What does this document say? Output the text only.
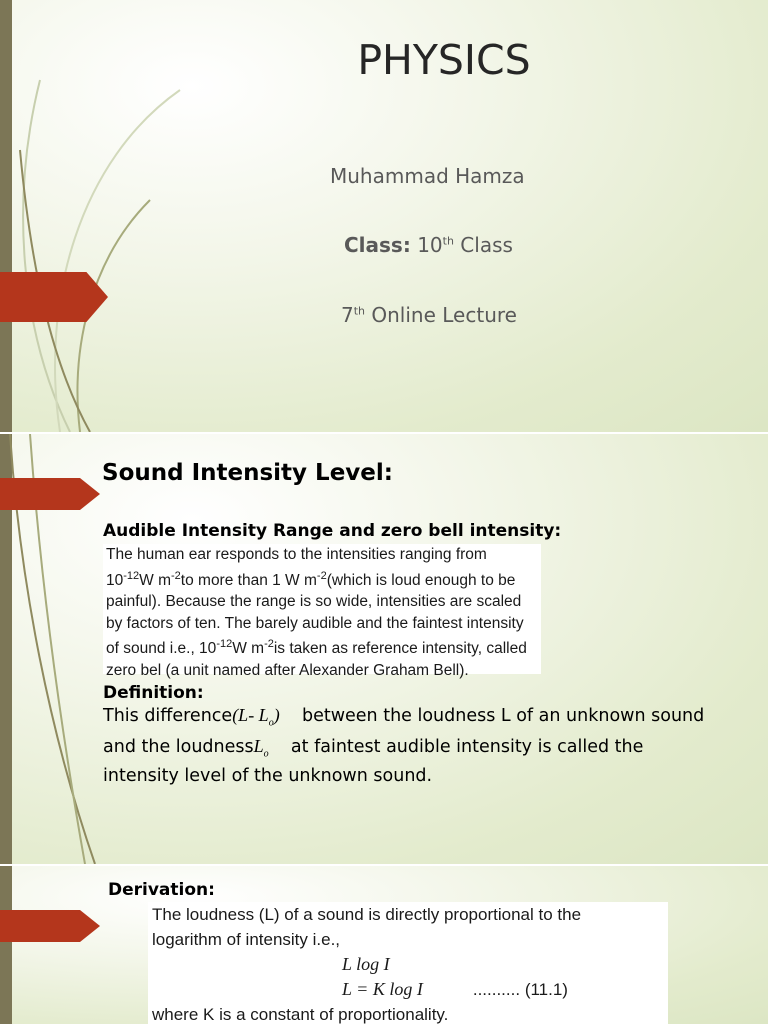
PHYSICS
Muhammad Hamza
Class: 10th Class
7th Online Lecture
Sound Intensity Level:
Audible Intensity Range and zero bell intensity:

The human ear responds to the intensities ranging from

$10^{-12}W$ $m^{-2}to$ more than 1 W $m^{-2}(which$ is loud enough to be

painful). Because the range is so wide, intensities are scaled

by factors of ten. The barely audible and the faintest intensity

of sound i.e., $10^{-12}W$ $m^{-2}is$ taken as reference intensity, called

zero bel (a unit named after Alexander Graham Bell).

Definition:
This difference(L- $L_o$) between the loudness L of an unknown sound
and the loudnessL$_o$ at faintest audible intensity is called the
intensity level of the unknown sound.
Derivation:

The loudness (L) of a sound is directly proportional to the

logarithm of intensity i.e.,

L log I

L = K log I	.......... (11.1)

where K is a constant of proportionality.
